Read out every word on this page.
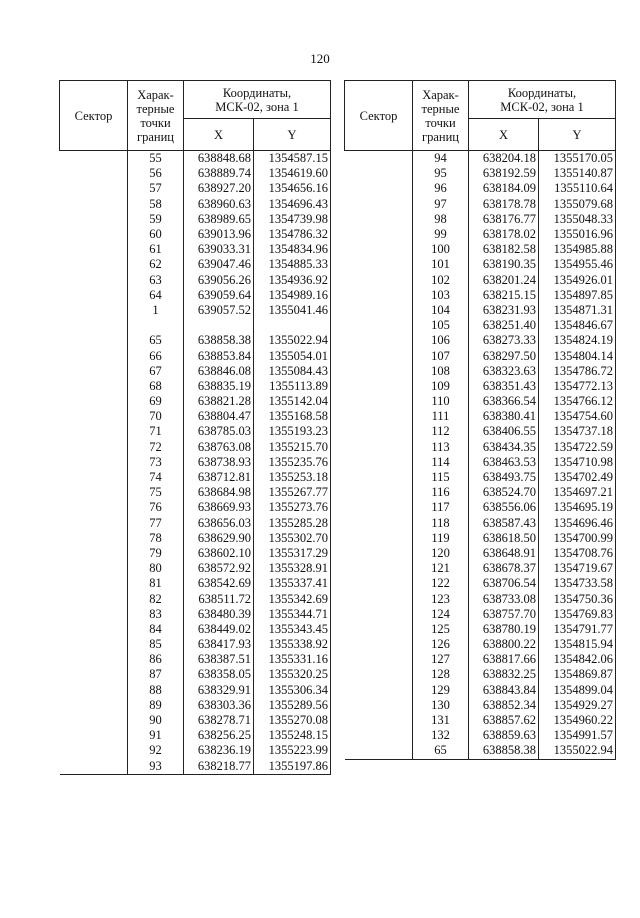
120
Сектор	Харак-
терные
точки
границ	Координаты,
МСК-02, зона 1	
		X	Y
	55	638848.68	1354587.15
	56	638889.74	1354619.60
	57	638927.20	1354656.16
	58	638960.63	1354696.43
	59	638989.65	1354739.98
	60	639013.96	1354786.32
	61	639033.31	1354834.96
	62	639047.46	1354885.33
	63	639056.26	1354936.92
	64	639059.64	1354989.16
	1	639057.52	1355041.46

	65	638858.38	1355022.94
	66	638853.84	1355054.01
	67	638846.08	1355084.43
	68	638835.19	1355113.89
	69	638821.28	1355142.04
	70	638804.47	1355168.58
	71	638785.03	1355193.23
	72	638763.08	1355215.70
	73	638738.93	1355235.76
	74	638712.81	1355253.18
	75	638684.98	1355267.77
	76	638669.93	1355273.76
	77	638656.03	1355285.28
	78	638629.90	1355302.70
	79	638602.10	1355317.29
	80	638572.92	1355328.91
	81	638542.69	1355337.41
	82	638511.72	1355342.69
	83	638480.39	1355344.71
	84	638449.02	1355343.45
	85	638417.93	1355338.92
	86	638387.51	1355331.16
	87	638358.05	1355320.25
	88	638329.91	1355306.34
	89	638303.36	1355289.56
	90	638278.71	1355270.08
	91	638256.25	1355248.15
	92	638236.19	1355223.99
	93	638218.77	1355197.86
Сектор	Харак-
терные
точки
границ	Координаты,
МСК-02, зона 1	
		X	Y
	94	638204.18	1355170.05
	95	638192.59	1355140.87
	96	638184.09	1355110.64
	97	638178.78	1355079.68
	98	638176.77	1355048.33
	99	638178.02	1355016.96
	100	638182.58	1354985.88
	101	638190.35	1354955.46
	102	638201.24	1354926.01
	103	638215.15	1354897.85
	104	638231.93	1354871.31
	105	638251.40	1354846.67
	106	638273.33	1354824.19
	107	638297.50	1354804.14
	108	638323.63	1354786.72
	109	638351.43	1354772.13
	110	638366.54	1354766.12
	111	638380.41	1354754.60
	112	638406.55	1354737.18
	113	638434.35	1354722.59
	114	638463.53	1354710.98
	115	638493.75	1354702.49
	116	638524.70	1354697.21
	117	638556.06	1354695.19
	118	638587.43	1354696.46
	119	638618.50	1354700.99
	120	638648.91	1354708.76
	121	638678.37	1354719.67
	122	638706.54	1354733.58
	123	638733.08	1354750.36
	124	638757.70	1354769.83
	125	638780.19	1354791.77
	126	638800.22	1354815.94
	127	638817.66	1354842.06
	128	638832.25	1354869.87
	129	638843.84	1354899.04
	130	638852.34	1354929.27
	131	638857.62	1354960.22
	132	638859.63	1354991.57
	65	638858.38	1355022.94
